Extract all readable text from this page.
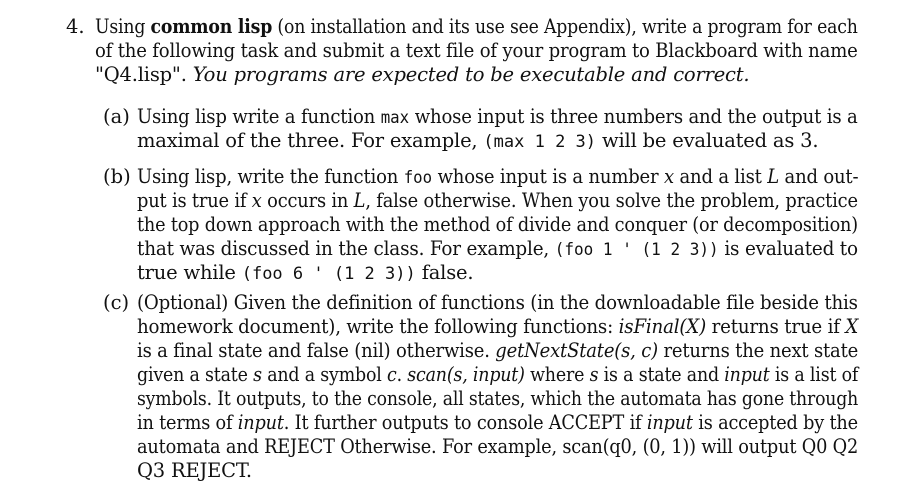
4. Using common lisp (on installation and its use see Appendix), write a program for each
of the following task and submit a text file of your program to Blackboard with name
"Q4.lisp". You programs are expected to be executable and correct.
(a) Using lisp write a function max whose input is three numbers and the output is a
maximal of the three. For example, (max 1 2 3) will be evaluated as 3.
(b) Using lisp, write the function foo whose input is a number x and a list L and out-
put is true if x occurs in L, false otherwise. When you solve the problem, practice
the top down approach with the method of divide and conquer (or decomposition)
that was discussed in the class. For example, (foo 1 ' (1 2 3)) is evaluated to
true while (foo 6 ' (1 2 3)) false.
(c) (Optional) Given the definition of functions (in the downloadable file beside this
homework document), write the following functions: isFinal(X) returns true if X
is a final state and false (nil) otherwise. getNextState(s, c) returns the next state
given a state s and a symbol c. scan(s, input) where s is a state and input is a list of
symbols. It outputs, to the console, all states, which the automata has gone through
in terms of input. It further outputs to console ACCEPT if input is accepted by the
automata and REJECT Otherwise. For example, scan(q0, (0, 1)) will output Q0 Q2
Q3 REJECT.
